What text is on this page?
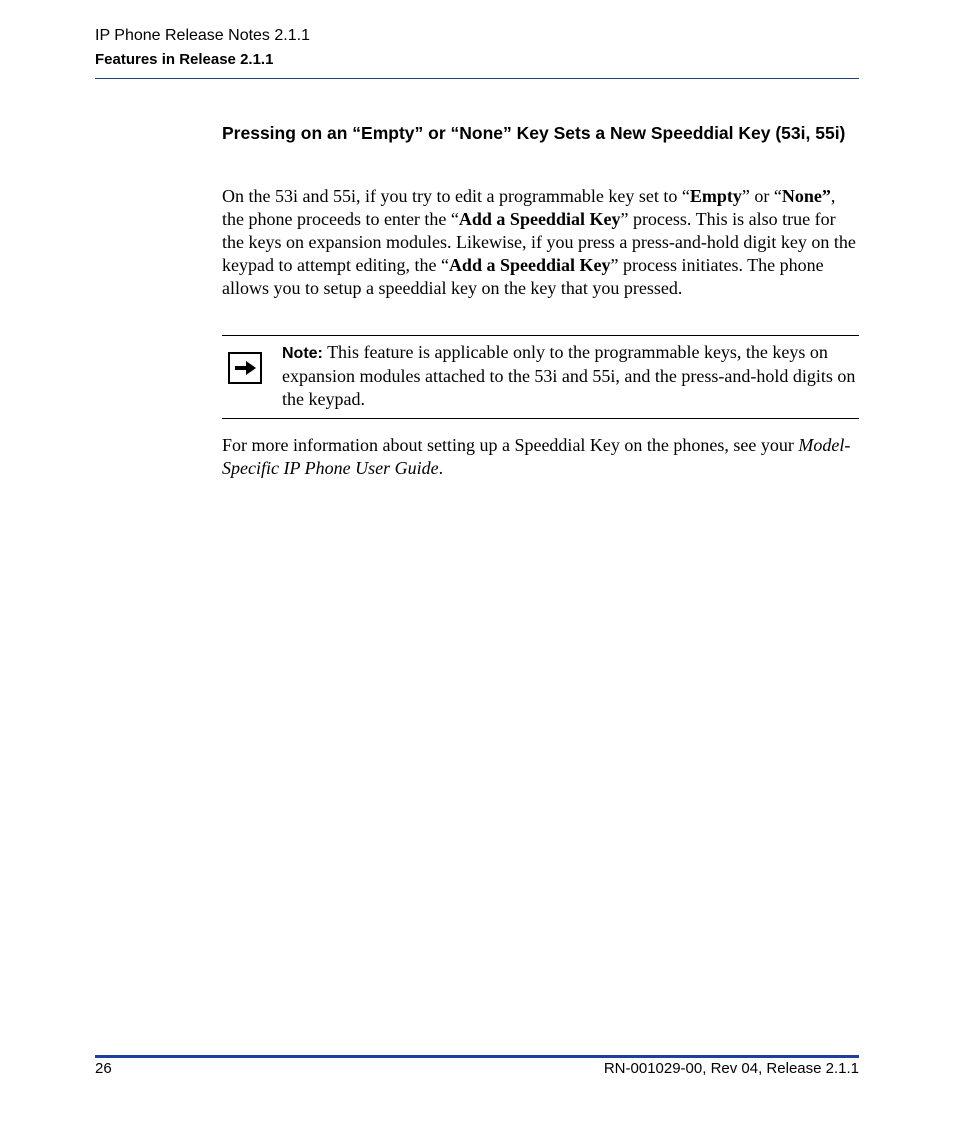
IP Phone Release Notes 2.1.1
Features in Release 2.1.1
Pressing on an “Empty” or “None” Key Sets a New Speeddial Key (53i, 55i)

On the 53i and 55i, if you try to edit a programmable key set to “Empty” or “None”, the phone proceeds to enter the “Add a Speeddial Key” process. This is also true for the keys on expansion modules. Likewise, if you press a press-and-hold digit key on the keypad to attempt editing, the “Add a Speeddial Key” process initiates. The phone allows you to setup a speeddial key on the key that you pressed.

Note: This feature is applicable only to the programmable keys, the keys on expansion modules attached to the 53i and 55i, and the press-and-hold digits on the keypad.

For more information about setting up a Speeddial Key on the phones, see your Model-Specific IP Phone User Guide.

26	RN-001029-00, Rev 04, Release 2.1.1
